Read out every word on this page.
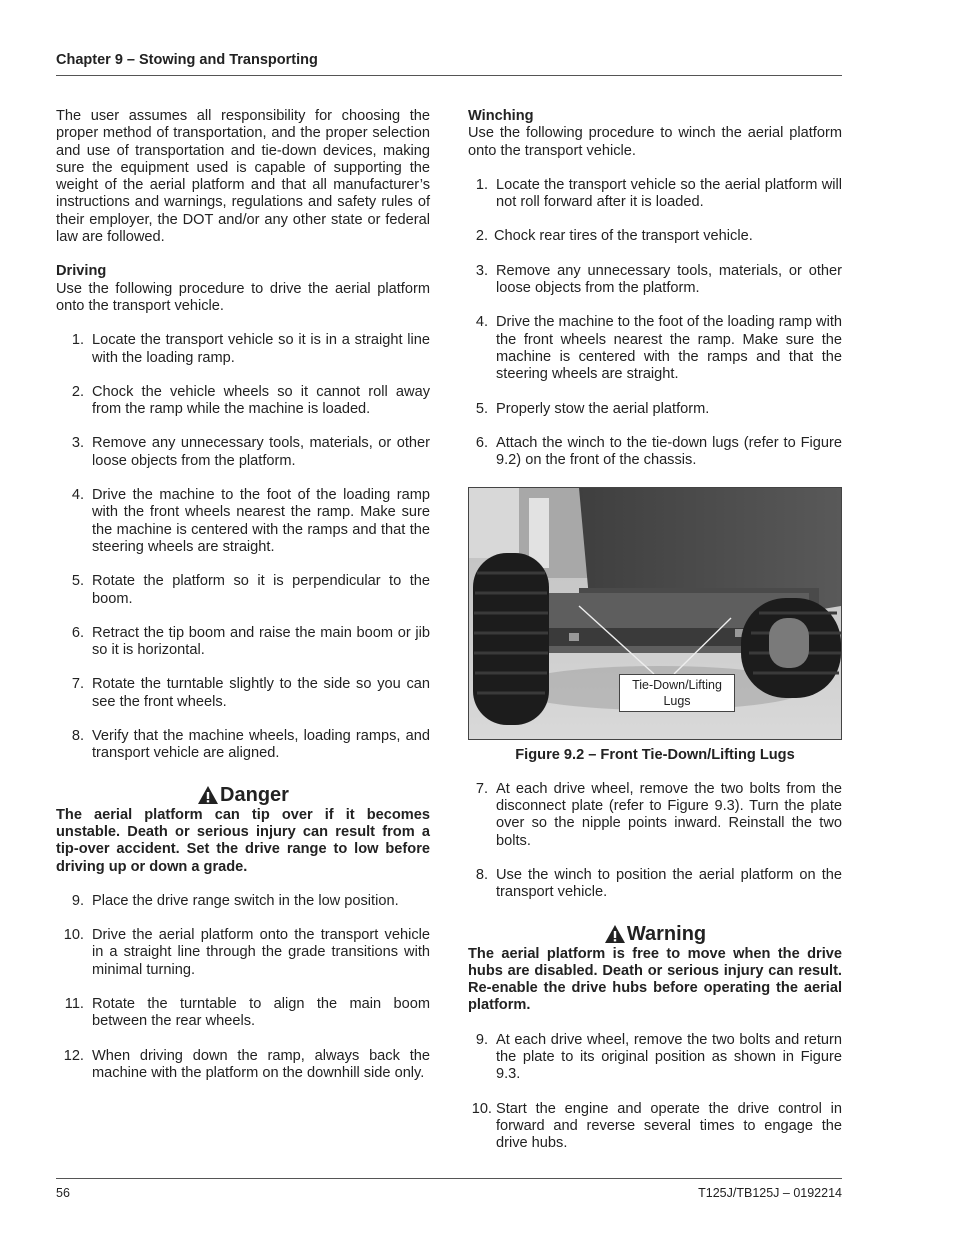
Chapter 9 – Stowing and Transporting

The user assumes all responsibility for choosing the proper method of transportation, and the proper selection and use of transportation and tie-down devices, making sure the equipment used is capable of supporting the weight of the aerial platform and that all manufacturer’s instructions and warnings, regulations and safety rules of their employer, the DOT and/or any other state or federal law are followed.

Driving

Use the following procedure to drive the aerial platform onto the transport vehicle.

1. Locate the transport vehicle so it is in a straight line with the loading ramp.
2. Chock the vehicle wheels so it cannot roll away from the ramp while the machine is loaded.
3. Remove any unnecessary tools, materials, or other loose objects from the platform.
4. Drive the machine to the foot of the loading ramp with the front wheels nearest the ramp. Make sure the machine is centered with the ramps and that the steering wheels are straight.
5. Rotate the platform so it is perpendicular to the boom.
6. Retract the tip boom and raise the main boom or jib so it is horizontal.
7. Rotate the turntable slightly to the side so you can see the front wheels.
8. Verify that the machine wheels, loading ramps, and transport vehicle are aligned.
Danger

The aerial platform can tip over if it becomes unstable. Death or serious injury can result from a tip-over accident. Set the drive range to low before driving up or down a grade.

9. Place the drive range switch in the low position.
10. Drive the aerial platform onto the transport vehicle in a straight line through the grade transitions with minimal turning.
11. Rotate the turntable to align the main boom between the rear wheels.
12. When driving down the ramp, always back the machine with the platform on the downhill side only.

Winching

Use the following procedure to winch the aerial platform onto the transport vehicle.

1. Locate the transport vehicle so the aerial platform will not roll forward after it is loaded.
2. Chock rear tires of the transport vehicle.
3. Remove any unnecessary tools, materials, or other loose objects from the platform.
4. Drive the machine to the foot of the loading ramp with the front wheels nearest the ramp. Make sure the machine is centered with the ramps and that the steering wheels are straight.
5. Properly stow the aerial platform.
6. Attach the winch to the tie-down lugs (refer to Figure 9.2) on the front of the chassis.
Tie-Down/Lifting
Lugs

Figure 9.2 – Front Tie-Down/Lifting Lugs

7. At each drive wheel, remove the two bolts from the disconnect plate (refer to Figure 9.3). Turn the plate over so the nipple points inward. Reinstall the two bolts.
8. Use the winch to position the aerial platform on the transport vehicle.
Warning

The aerial platform is free to move when the drive hubs are disabled. Death or serious injury can result. Re-enable the drive hubs before operating the aerial platform.

9. At each drive wheel, remove the two bolts and return the plate to its original position as shown in Figure 9.3.
10. Start the engine and operate the drive control in forward and reverse several times to engage the drive hubs.
56	T125J/TB125J – 0192214
